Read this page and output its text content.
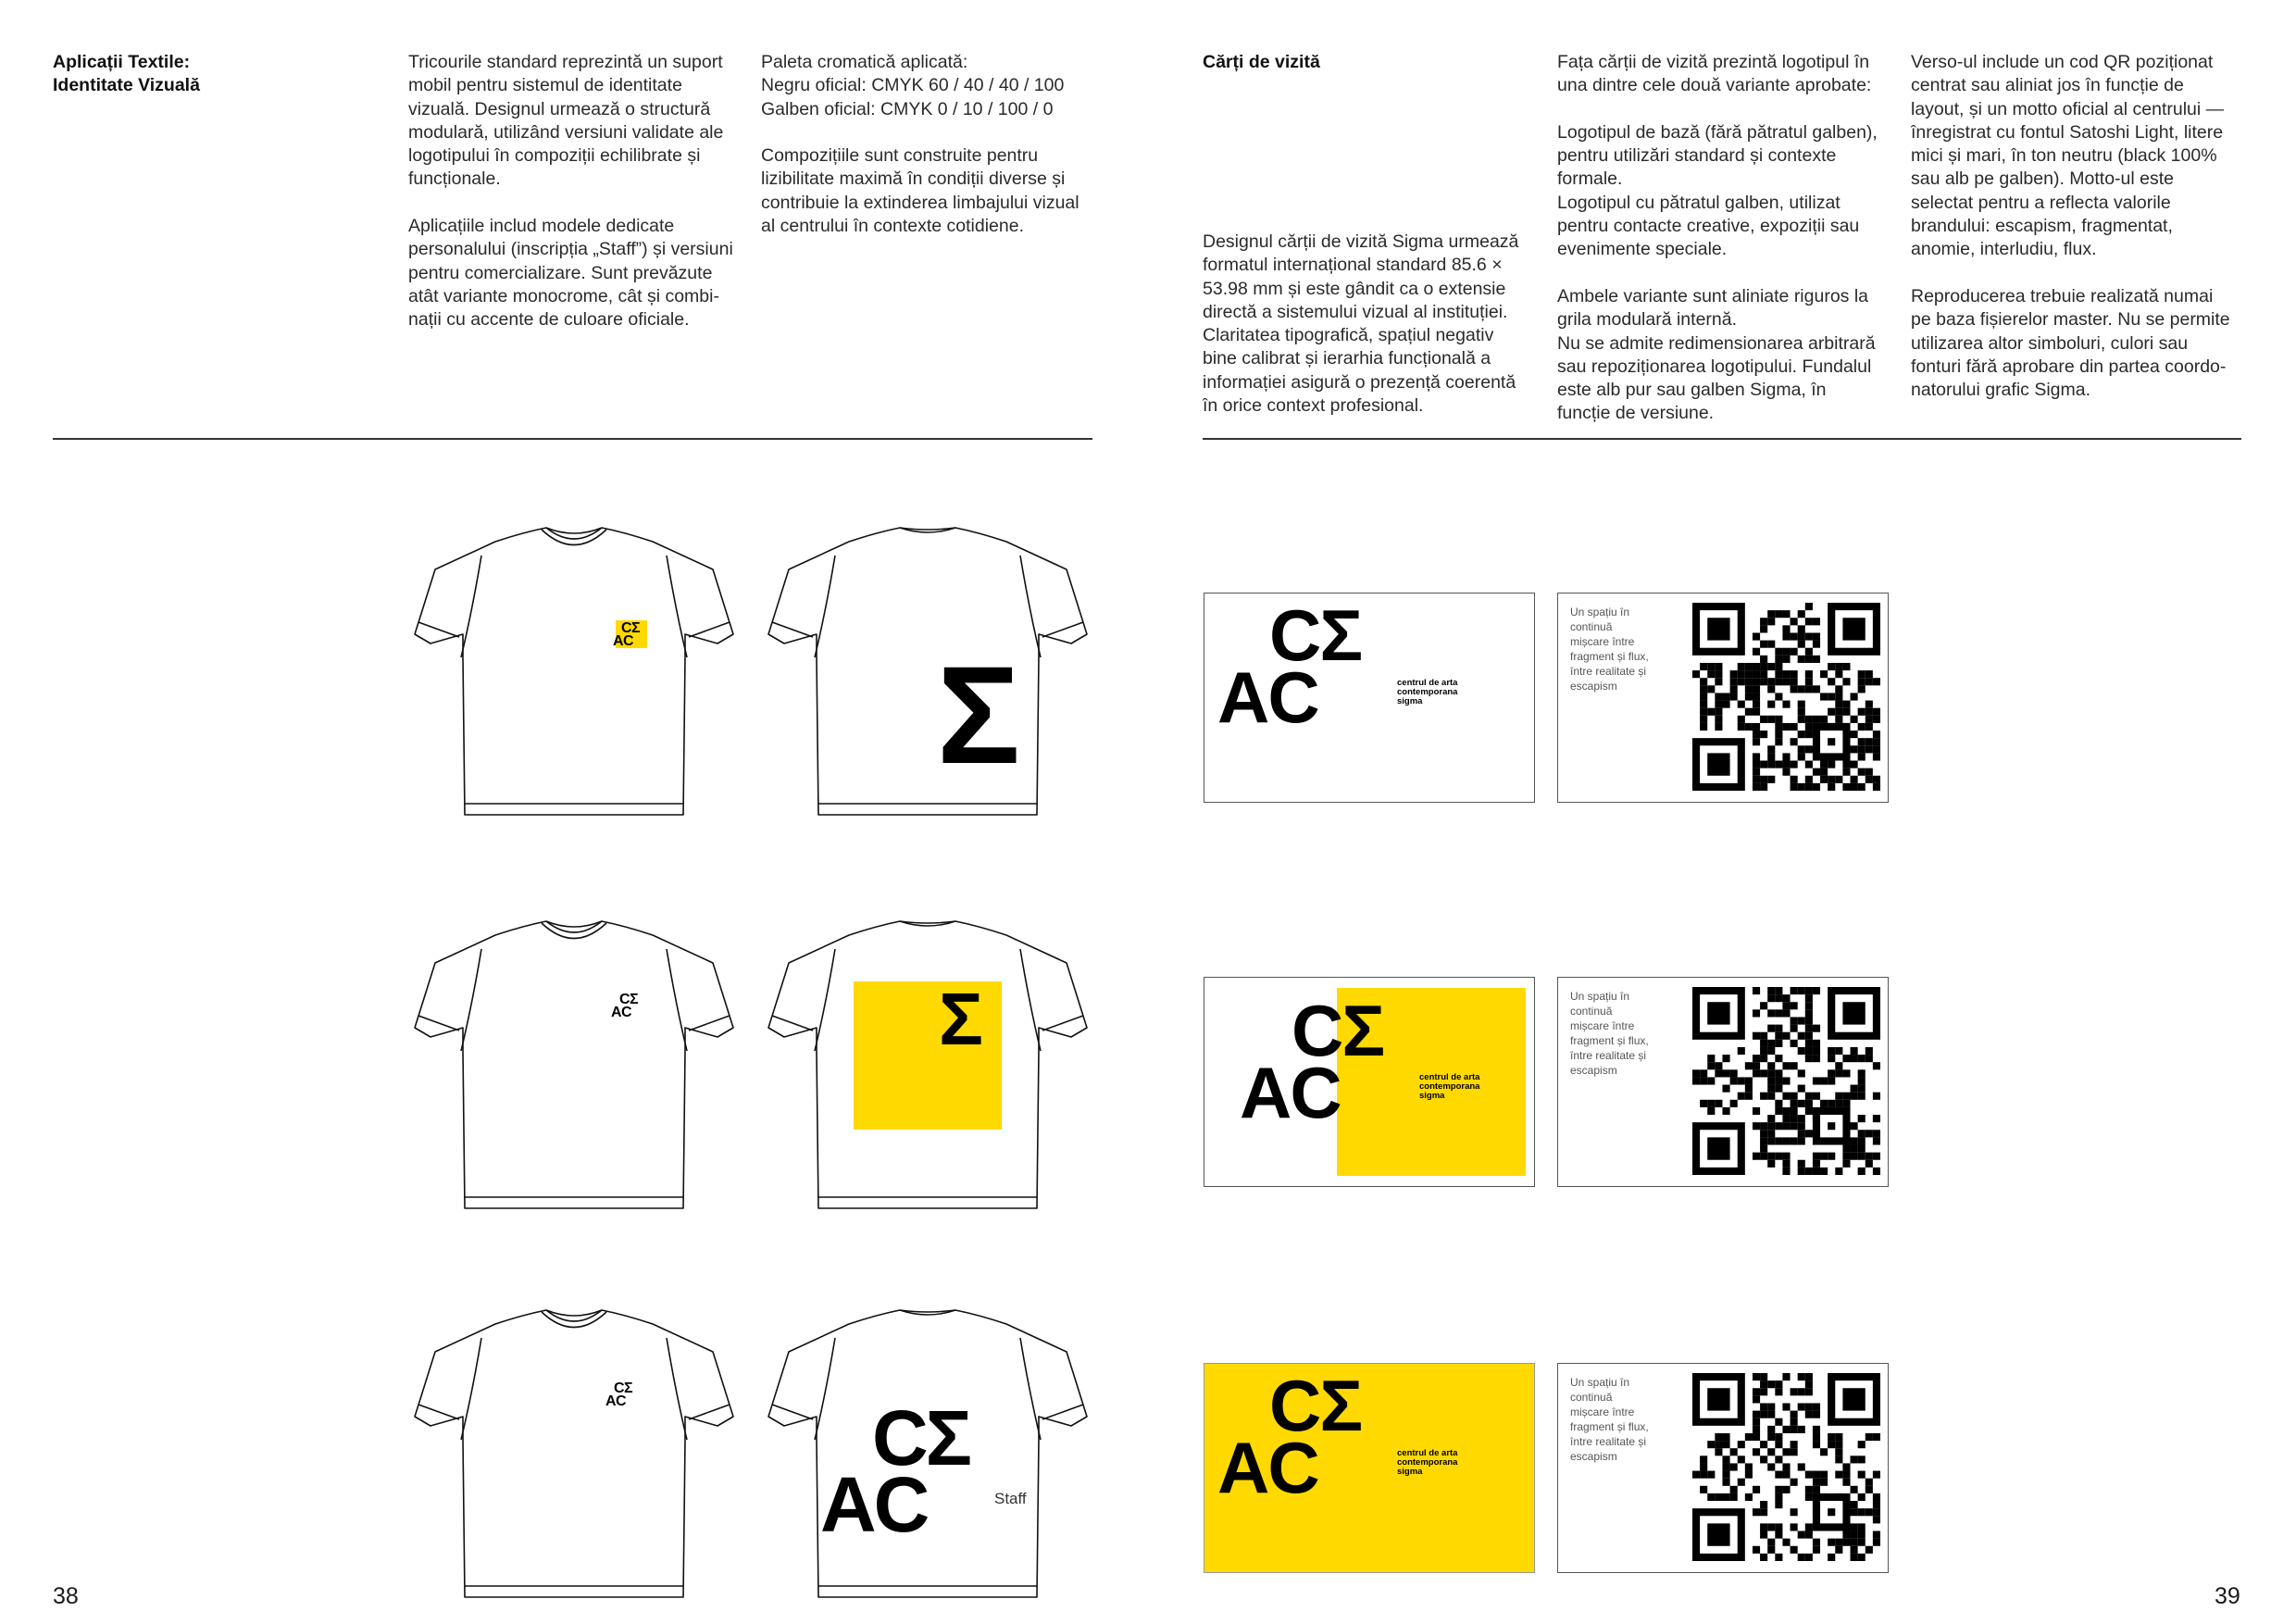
Aplicații Textile:
Identitate Vizuală
Tricourile standard reprezintă un suport
mobil pentru sistemul de identitate
vizuală. Designul urmează o structură
modulară, utilizând versiuni validate ale
logotipului în compoziții echilibrate și
funcționale.

Aplicațiile includ modele dedicate
personalului (inscripția „Staff”) și versiuni
pentru comercializare. Sunt prevăzute
atât variante monocrome, cât și combi-
nații cu accente de culoare oficiale.
Paleta cromatică aplicată:
Negru oficial: CMYK 60 / 40 / 40 / 100
Galben oficial: CMYK 0 / 10 / 100 / 0

Compozițiile sunt construite pentru
lizibilitate maximă în condiții diverse și
contribuie la extinderea limbajului vizual
al centrului în contexte cotidiene.
Cărți de vizită
Designul cărții de vizită Sigma urmează
formatul internațional standard 85.6 ×
53.98 mm și este gândit ca o extensie
directă a sistemului vizual al instituției.
Claritatea tipografică, spațiul negativ
bine calibrat și ierarhia funcțională a
informației asigură o prezență coerentă
în orice context profesional.
Fața cărții de vizită prezintă logotipul în
una dintre cele două variante aprobate:

Logotipul de bază (fără pătratul galben),
pentru utilizări standard și contexte
formale.
Logotipul cu pătratul galben, utilizat
pentru contacte creative, expoziții sau
evenimente speciale.

Ambele variante sunt aliniate riguros la
grila modulară internă.
Nu se admite redimensionarea arbitrară
sau repoziționarea logotipului. Fundalul
este alb pur sau galben Sigma, în
funcție de versiune.
Verso-ul include un cod QR poziționat
centrat sau aliniat jos în funcție de
layout, și un motto oficial al centrului —
înregistrat cu fontul Satoshi Light, litere
mici și mari, în ton neutru (black 100%
sau alb pe galben). Motto-ul este
selectat pentru a reflecta valorile
brandului: escapism, fragmentat,
anomie, interludiu, flux.

Reproducerea trebuie realizată numai
pe baza fișierelor master. Nu se permite
utilizarea altor simboluri, culori sau
fonturi fără aprobare din partea coordo-
natorului grafic Sigma.
CΣ
AC Σ
CΣ
AC	Σ
CΣ
AC	CΣ
AC	Staff
CΣ
AC	centrul de arta
contemporana
sigma
Un spațiu în
continuă
mișcare între
fragment și flux,
între realitate și
escapism
CΣ
AC	centrul de arta
contemporana
sigma
Un spațiu în
continuă
mișcare între
fragment și flux,
între realitate și
escapism
CΣ
AC	centrul de arta
contemporana
sigma
Un spațiu în
continuă
mișcare între
fragment și flux,
între realitate și
escapism
38	39
